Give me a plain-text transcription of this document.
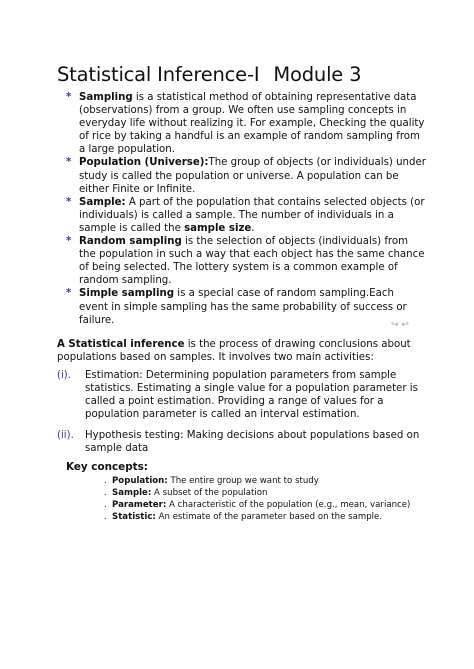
Statistical Inference-I Module 3
* Sampling is a statistical method of obtaining representative data (observations) from a group. We often use sampling concepts in everyday life without realizing it. For example, Checking the quality of rice by taking a handful is an example of random sampling from a large population.
* Population (Universe):The group of objects (or individuals) under study is called the population or universe. A population can be either Finite or Infinite.
* Sample: A part of the population that contains selected objects (or individuals) is called a sample. The number of individuals in a sample is called the sample size.
* Random sampling is the selection of objects (individuals) from the population in such a way that each object has the same chance of being selected. The lottery system is a common example of random sampling.
* Simple sampling is a special case of random sampling.Each event in simple sampling has the same probability of success or failure.
A Statistical inference is the process of drawing conclusions about populations based on samples. It involves two main activities:
(i). Estimation: Determining population parameters from sample statistics. Estimating a single value for a population parameter is called a point estimation. Providing a range of values for a population parameter is called an interval estimation.
(ii). Hypothesis testing: Making decisions about populations based on sample data
Key concepts:
. Population: The entire group we want to study
. Sample: A subset of the population
. Parameter: A characteristic of the population (e.g., mean, variance)
. Statistic: An estimate of the parameter based on the sample.
↪ ↩
